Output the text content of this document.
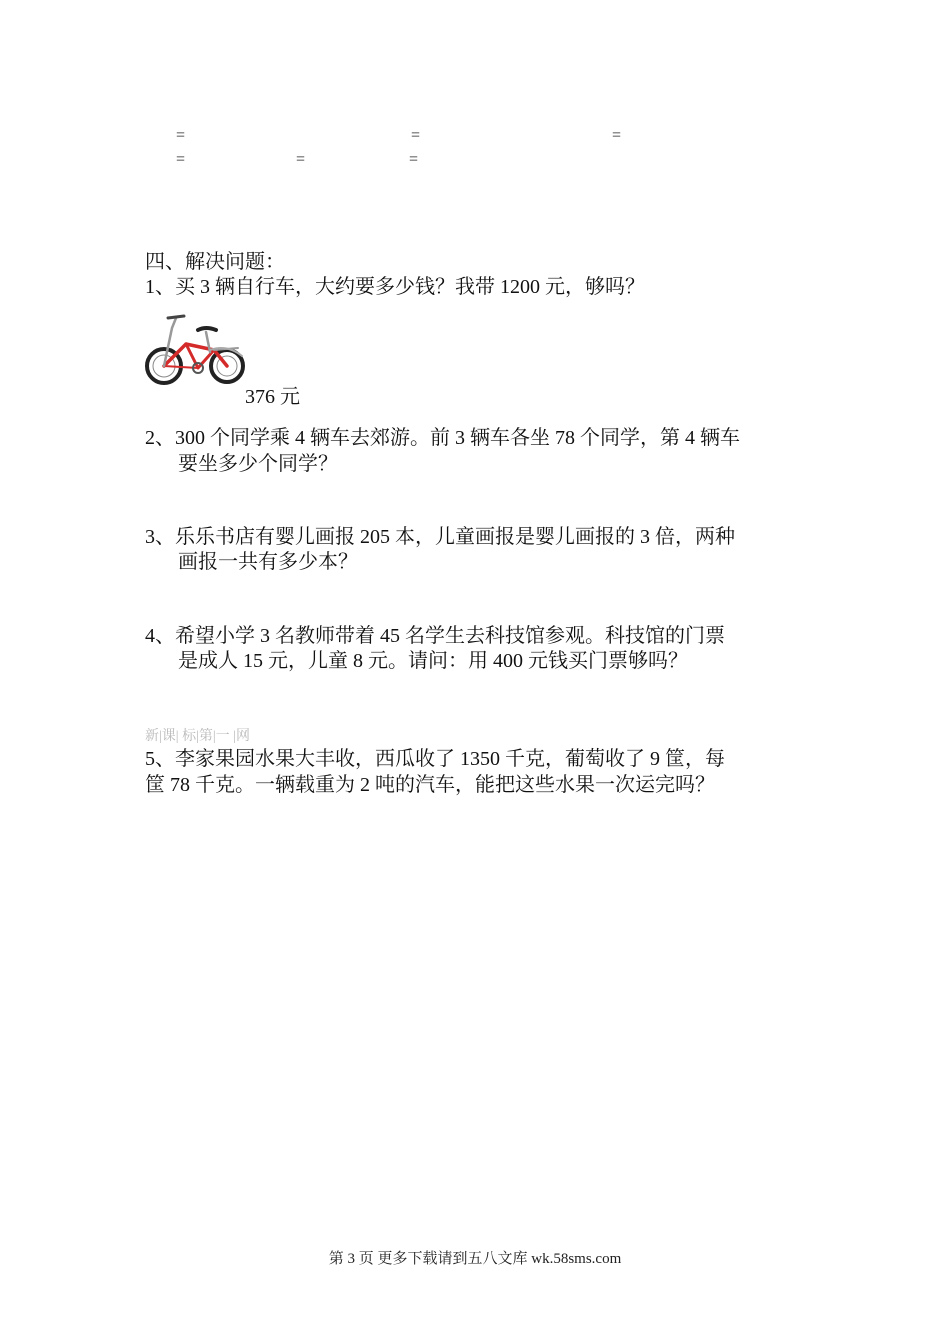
=	=	=
=	=	=
四、解决问题：
1、买 3 辆自行车，大约要多少钱？我带 1200 元，够吗？
376 元
2、300 个同学乘 4 辆车去郊游。前 3 辆车各坐 78 个同学，第 4 辆车
要坐多少个同学？
3、乐乐书店有婴儿画报 205 本，儿童画报是婴儿画报的 3 倍，两种
画报一共有多少本？
4、希望小学 3 名教师带着 45 名学生去科技馆参观。科技馆的门票
是成人 15 元，儿童 8 元。请问：用 400 元钱买门票够吗？
新|课| 标|第|一 |网
5、李家果园水果大丰收，西瓜收了 1350 千克，葡萄收了 9 筐，每
筐 78 千克。一辆载重为 2 吨的汽车，能把这些水果一次运完吗？
第 3 页 更多下载请到五八文库 wk.58sms.com
